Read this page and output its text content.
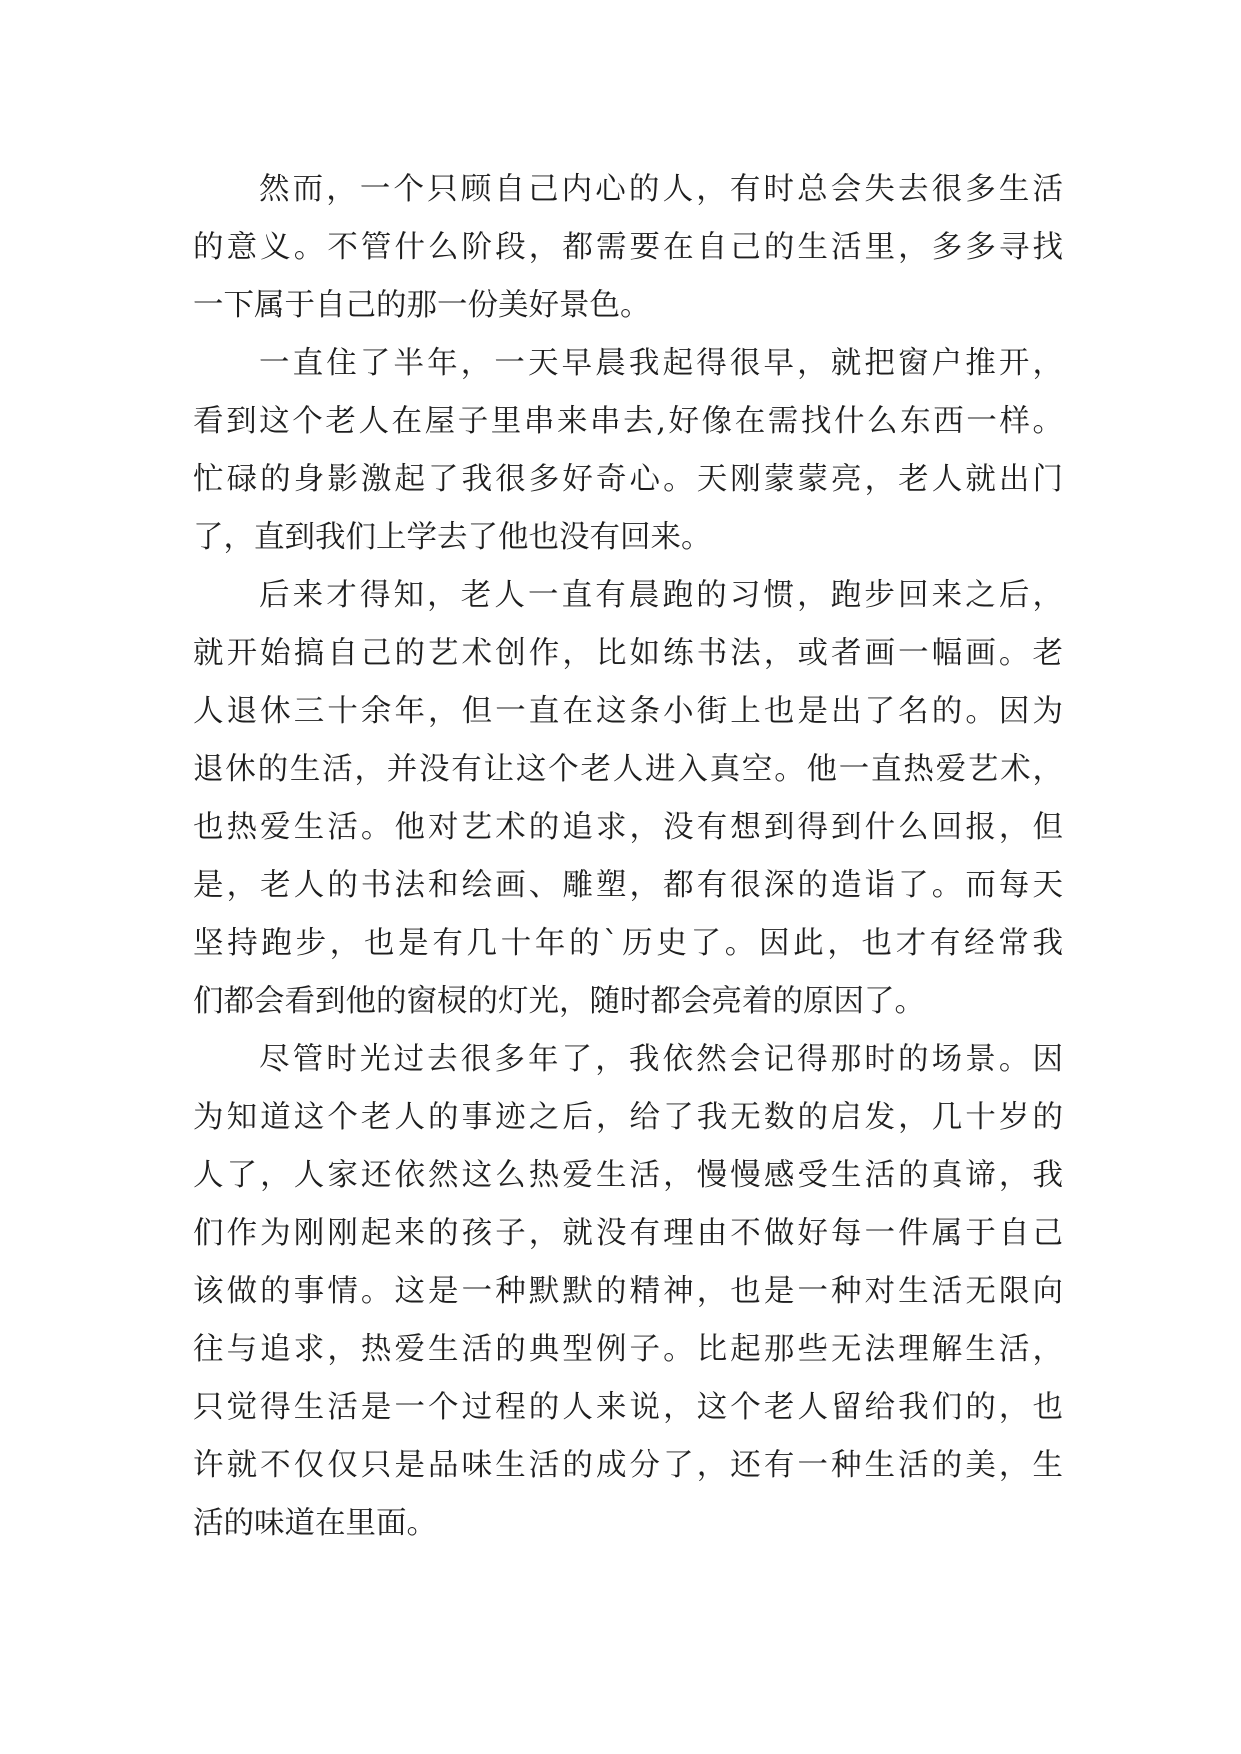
然而，一个只顾自己内心的人，有时总会失去很多生活
的意义。不管什么阶段，都需要在自己的生活里，多多寻找
一下属于自己的那一份美好景色。
一直住了半年，一天早晨我起得很早，就把窗户推开，
看到这个老人在屋子里串来串去,好像在需找什么东西一样。
忙碌的身影激起了我很多好奇心。天刚蒙蒙亮，老人就出门
了，直到我们上学去了他也没有回来。
后来才得知，老人一直有晨跑的习惯，跑步回来之后，
就开始搞自己的艺术创作，比如练书法，或者画一幅画。老
人退休三十余年，但一直在这条小街上也是出了名的。因为
退休的生活，并没有让这个老人进入真空。他一直热爱艺术，
也热爱生活。他对艺术的追求，没有想到得到什么回报，但
是，老人的书法和绘画、雕塑，都有很深的造诣了。而每天
坚持跑步，也是有几十年的`历史了。因此，也才有经常我
们都会看到他的窗棂的灯光，随时都会亮着的原因了。
尽管时光过去很多年了，我依然会记得那时的场景。因
为知道这个老人的事迹之后，给了我无数的启发，几十岁的
人了，人家还依然这么热爱生活，慢慢感受生活的真谛，我
们作为刚刚起来的孩子，就没有理由不做好每一件属于自己
该做的事情。这是一种默默的精神，也是一种对生活无限向
往与追求，热爱生活的典型例子。比起那些无法理解生活，
只觉得生活是一个过程的人来说，这个老人留给我们的，也
许就不仅仅只是品味生活的成分了，还有一种生活的美，生
活的味道在里面。
